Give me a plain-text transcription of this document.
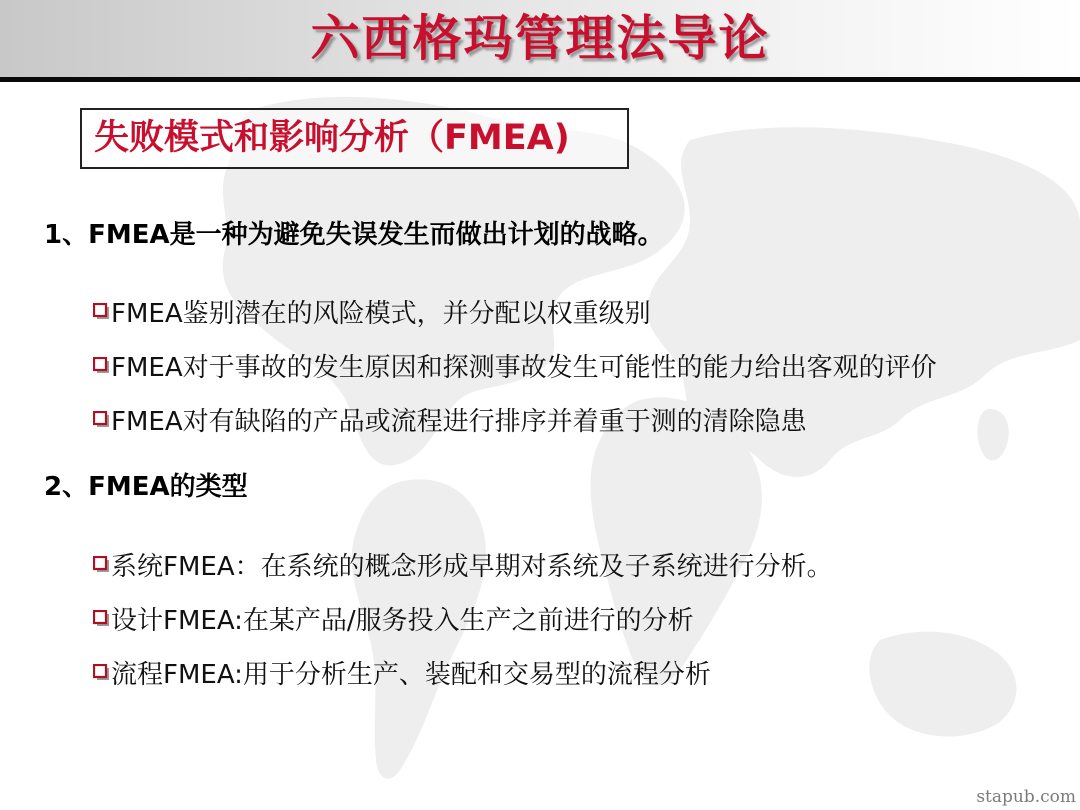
六西格玛管理法导论
失败模式和影响分析（FMEA)
1、FMEA是一种为避免失误发生而做出计划的战略。
FMEA鉴别潜在的风险模式，并分配以权重级别
FMEA对于事故的发生原因和探测事故发生可能性的能力给出客观的评价
FMEA对有缺陷的产品或流程进行排序并着重于测的清除隐患
2、FMEA的类型
系统FMEA：在系统的概念形成早期对系统及子系统进行分析。
设计FMEA:在某产品/服务投入生产之前进行的分析
流程FMEA:用于分析生产、装配和交易型的流程分析
stapub.com
